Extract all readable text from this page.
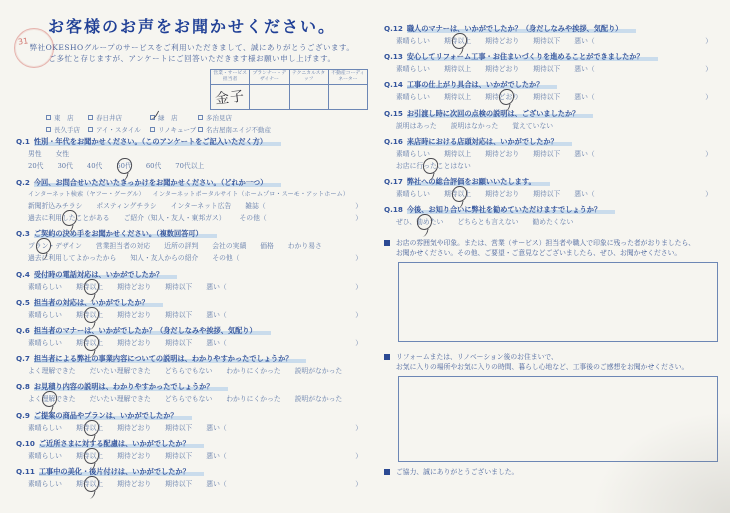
31
お客様のお声をお聞かせください。
弊社OKESHOグループのサービスをご利用いただきまして、誠にありがとうございます。
ご多忙と存じますが、アンケートにご回答いただきます様お願い申し上げます。
営業・サービス担当者	プランナー・デザイナー	テクニカルスタッフ	不動産コーディネーター
金子			
東　店	春日井店	緑　店	多治見店
長久手店 アイ・スタイル	リノキューブ 名古屋南エイジ不動産
Q.1 性別・年代をお聞かせください。（このアンケートをご記入いただく方）
男性 女性
20代 30代 40代 50代 60代 70代以上
Q.2 今回、お問合せいただいたきっかけをお聞かせください。（どれか一つ）
インターネット検索（ヤフー・グーグル） インターネットポータルサイト（ホームプロ・スーモ・アットホーム）
新聞折込みチラシ ポスティングチラシ インターネット広告 雑誌（	）
過去に利用したことがある ご紹介（知人・友人・東邦ガス） その他（	）
Q.3 ご契約の決め手をお聞かせください。（複数回答可）
プラン・デザイン 営業担当者の対応 近所の評判 会社の実績 価格 わかり易さ
過去に利用してよかったから 知人・友人からの紹介 その他（	）
Q.4 受付時の電話対応は、いかがでしたか？
素晴らしい 期待以上 期待どおり 期待以下 悪い（	）
Q.5 担当者の対応は、いかがでしたか？
素晴らしい 期待以上 期待どおり 期待以下 悪い（	）
Q.6 担当者のマナーは、いかがでしたか？（身だしなみや挨拶、気配り）
素晴らしい 期待以上 期待どおり 期待以下 悪い（	）
Q.7 担当者による弊社の事業内容についての説明は、わかりやすかったでしょうか？
よく理解できた だいたい理解できた どちらでもない わかりにくかった 説明がなかった
Q.8 お見積り内容の説明は、わかりやすかったでしょうか？
よく理解できた だいたい理解できた どちらでもない わかりにくかった 説明がなかった
Q.9 ご提案の商品やプランは、いかがでしたか？
素晴らしい 期待以上 期待どおり 期待以下 悪い（	）
Q.10 ご近所さまに対する配慮は、いかがでしたか？
素晴らしい 期待以上 期待どおり 期待以下 悪い（	）
Q.11 工事中の美化・後片付けは、いかがでしたか？
素晴らしい 期待以上 期待どおり 期待以下 悪い（	）
Q.12 職人のマナーは、いかがでしたか？（身だしなみや挨拶、気配り）
素晴らしい 期待以上 期待どおり 期待以下 悪い（	）
Q.13 安心してリフォーム工事・お住まいづくりを進めることができましたか？
素晴らしい 期待以上 期待どおり 期待以下 悪い（	）
Q.14 工事の仕上がり具合は、いかがでしたか？
素晴らしい 期待以上 期待どおり 期待以下 悪い（	）
Q.15 お引渡し時に次回の点検の説明は、ございましたか？
説明はあった 説明はなかった 覚えていない
Q.16 来店時における店頭対応は、いかがでしたか？
素晴らしい 期待以上 期待どおり 期待以下 悪い（	）
お店に行ったことはない
Q.17 弊社への総合評価をお願いいたします。
素晴らしい 期待以上 期待どおり 期待以下 悪い（	）
Q.18 今後、お知り合いに弊社を勧めていただけますでしょうか？
ぜひ、勧めたい どちらとも言えない 勧めたくない
お店の雰囲気や印象。または、営業（サービス）担当者や職人で印象に残った者がおりましたら、
お聞かせください。その他、ご要望・ご意見などございましたら、ぜひ、お聞かせください。
リフォームまたは、リノベーション後のお住まいで、
お気に入りの場所やお気に入りの時間、暮らし心地など、工事後のご感想をお聞かせください。
ご協力、誠にありがとうございました。
